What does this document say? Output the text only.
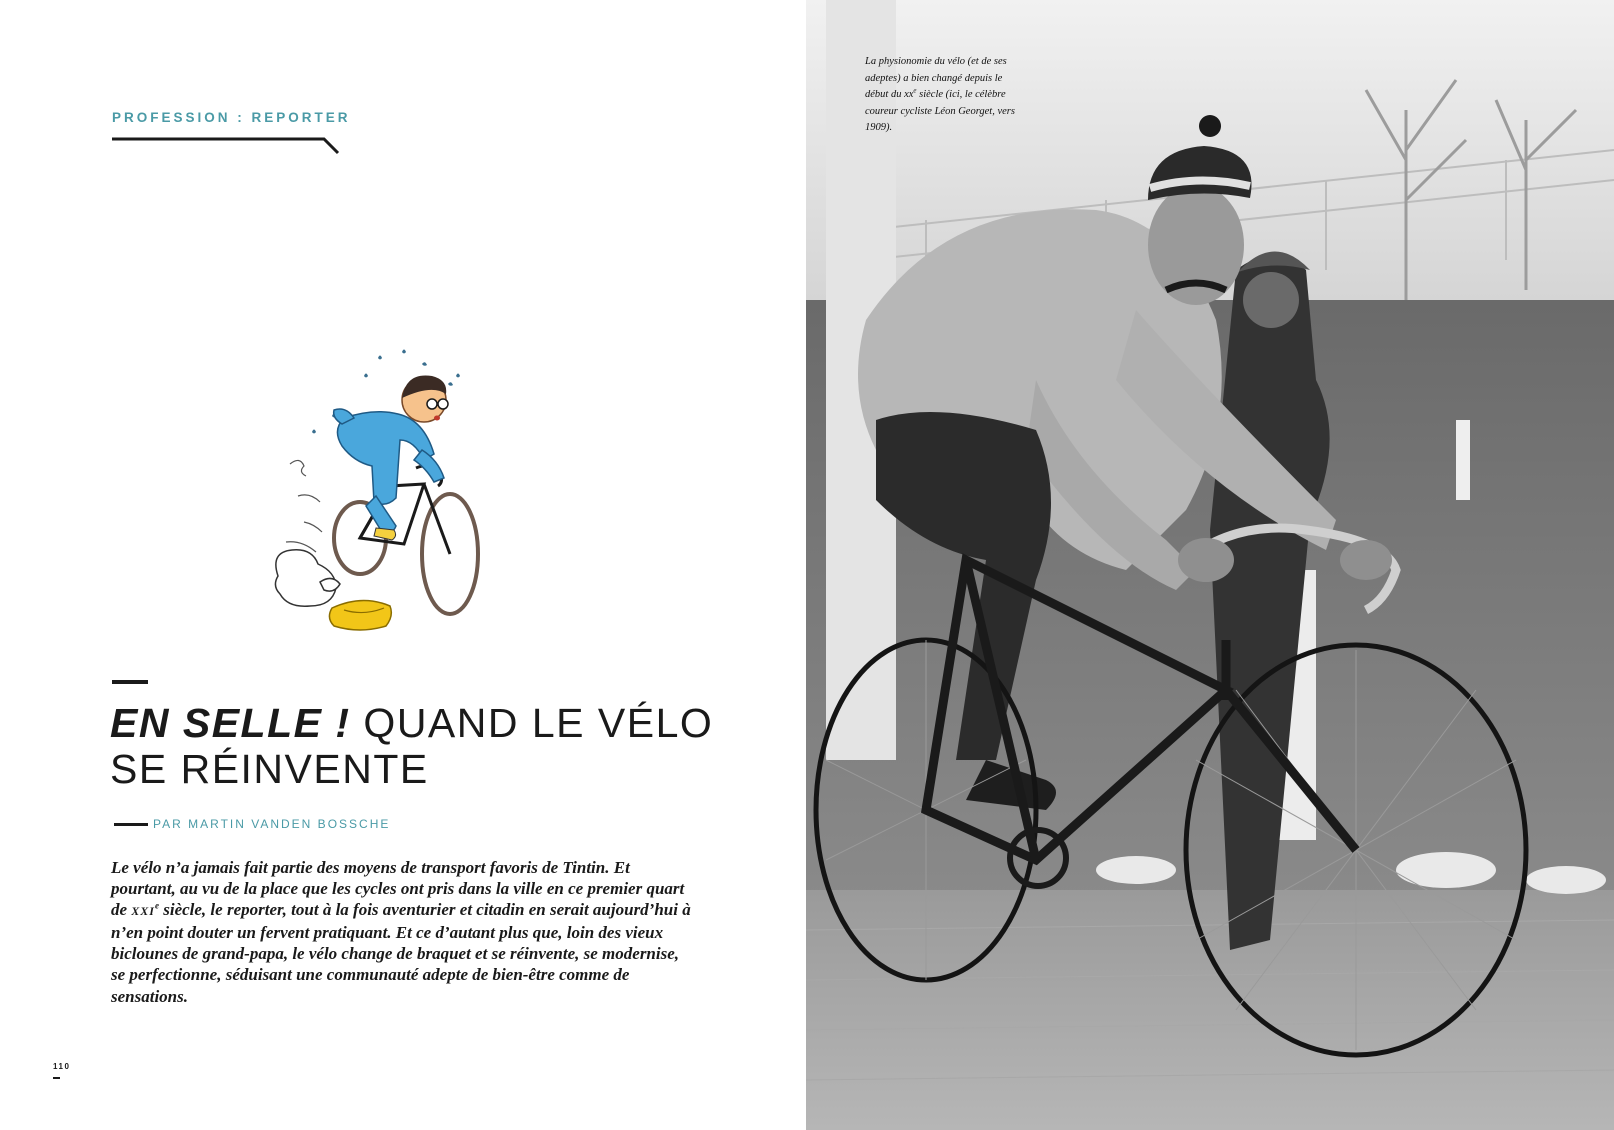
PROFESSION : REPORTER
EN SELLE ! QUAND LE VÉLO
SE RÉINVENTE
PAR MARTIN VANDEN BOSSCHE

Le vélo n’a jamais fait partie des moyens de transport favoris de Tintin. Et pourtant, au vu de la place que les cycles ont pris dans la ville en ce premier quart de XXIe siècle, le reporter, tout à la fois aventurier et citadin en serait aujourd’hui à n’en point douter un fervent pratiquant. Et ce d’autant plus que, loin des vieux biclounes de grand-papa, le vélo change de braquet et se réinvente, se modernise, se perfectionne, séduisant une communauté adepte de bien-être comme de sensations.

110
La physionomie du vélo (et de ses adeptes) a bien changé depuis le début du $xx^e$ siècle (ici, le célèbre coureur cycliste Léon Georget, vers 1909).
